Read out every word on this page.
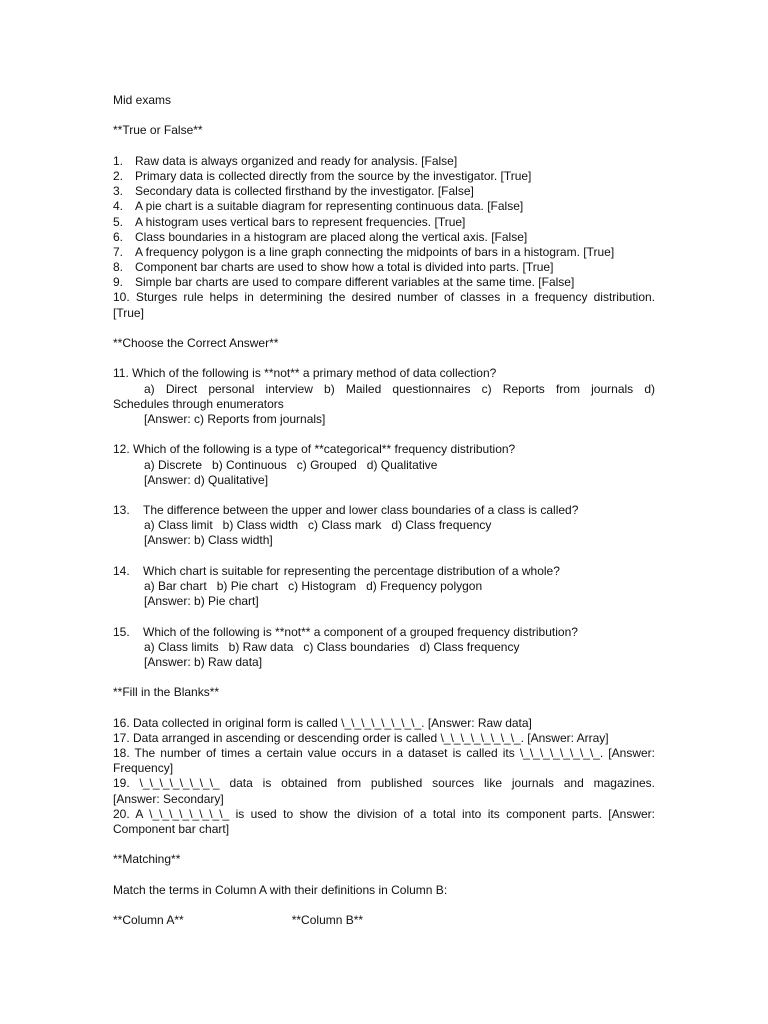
Mid exams
**True or False**
1. Raw data is always organized and ready for analysis. [False]
2. Primary data is collected directly from the source by the investigator. [True]
3. Secondary data is collected firsthand by the investigator. [False]
4. A pie chart is a suitable diagram for representing continuous data. [False]
5. A histogram uses vertical bars to represent frequencies. [True]
6. Class boundaries in a histogram are placed along the vertical axis. [False]
7. A frequency polygon is a line graph connecting the midpoints of bars in a histogram. [True]
8. Component bar charts are used to show how a total is divided into parts. [True]
9. Simple bar charts are used to compare different variables at the same time. [False]
10. Sturges rule helps in determining the desired number of classes in a frequency distribution.
[True]
**Choose the Correct Answer**
11. Which of the following is **not** a primary method of data collection?
a) Direct personal interview b) Mailed questionnaires c) Reports from journals d)
Schedules through enumerators
[Answer: c) Reports from journals]
12. Which of the following is a type of **categorical** frequency distribution?
a) Discrete b) Continuous c) Grouped d) Qualitative
[Answer: d) Qualitative]
13. The difference between the upper and lower class boundaries of a class is called?
a) Class limit b) Class width c) Class mark d) Class frequency
[Answer: b) Class width]
14. Which chart is suitable for representing the percentage distribution of a whole?
a) Bar chart b) Pie chart c) Histogram d) Frequency polygon
[Answer: b) Pie chart]
15. Which of the following is **not** a component of a grouped frequency distribution?
a) Class limits b) Raw data c) Class boundaries d) Class frequency
[Answer: b) Raw data]
**Fill in the Blanks**
16. Data collected in original form is called \_\_\_\_\_\_\_\_. [Answer: Raw data]
17. Data arranged in ascending or descending order is called \_\_\_\_\_\_\_\_. [Answer: Array]
18. The number of times a certain value occurs in a dataset is called its \_\_\_\_\_\_\_\_. [Answer:
Frequency]
19. \_\_\_\_\_\_\_\_ data is obtained from published sources like journals and magazines.
[Answer: Secondary]
20. A \_\_\_\_\_\_\_\_ is used to show the division of a total into its component parts. [Answer:
Component bar chart]
**Matching**
Match the terms in Column A with their definitions in Column B:
**Column A**	**Column B**
